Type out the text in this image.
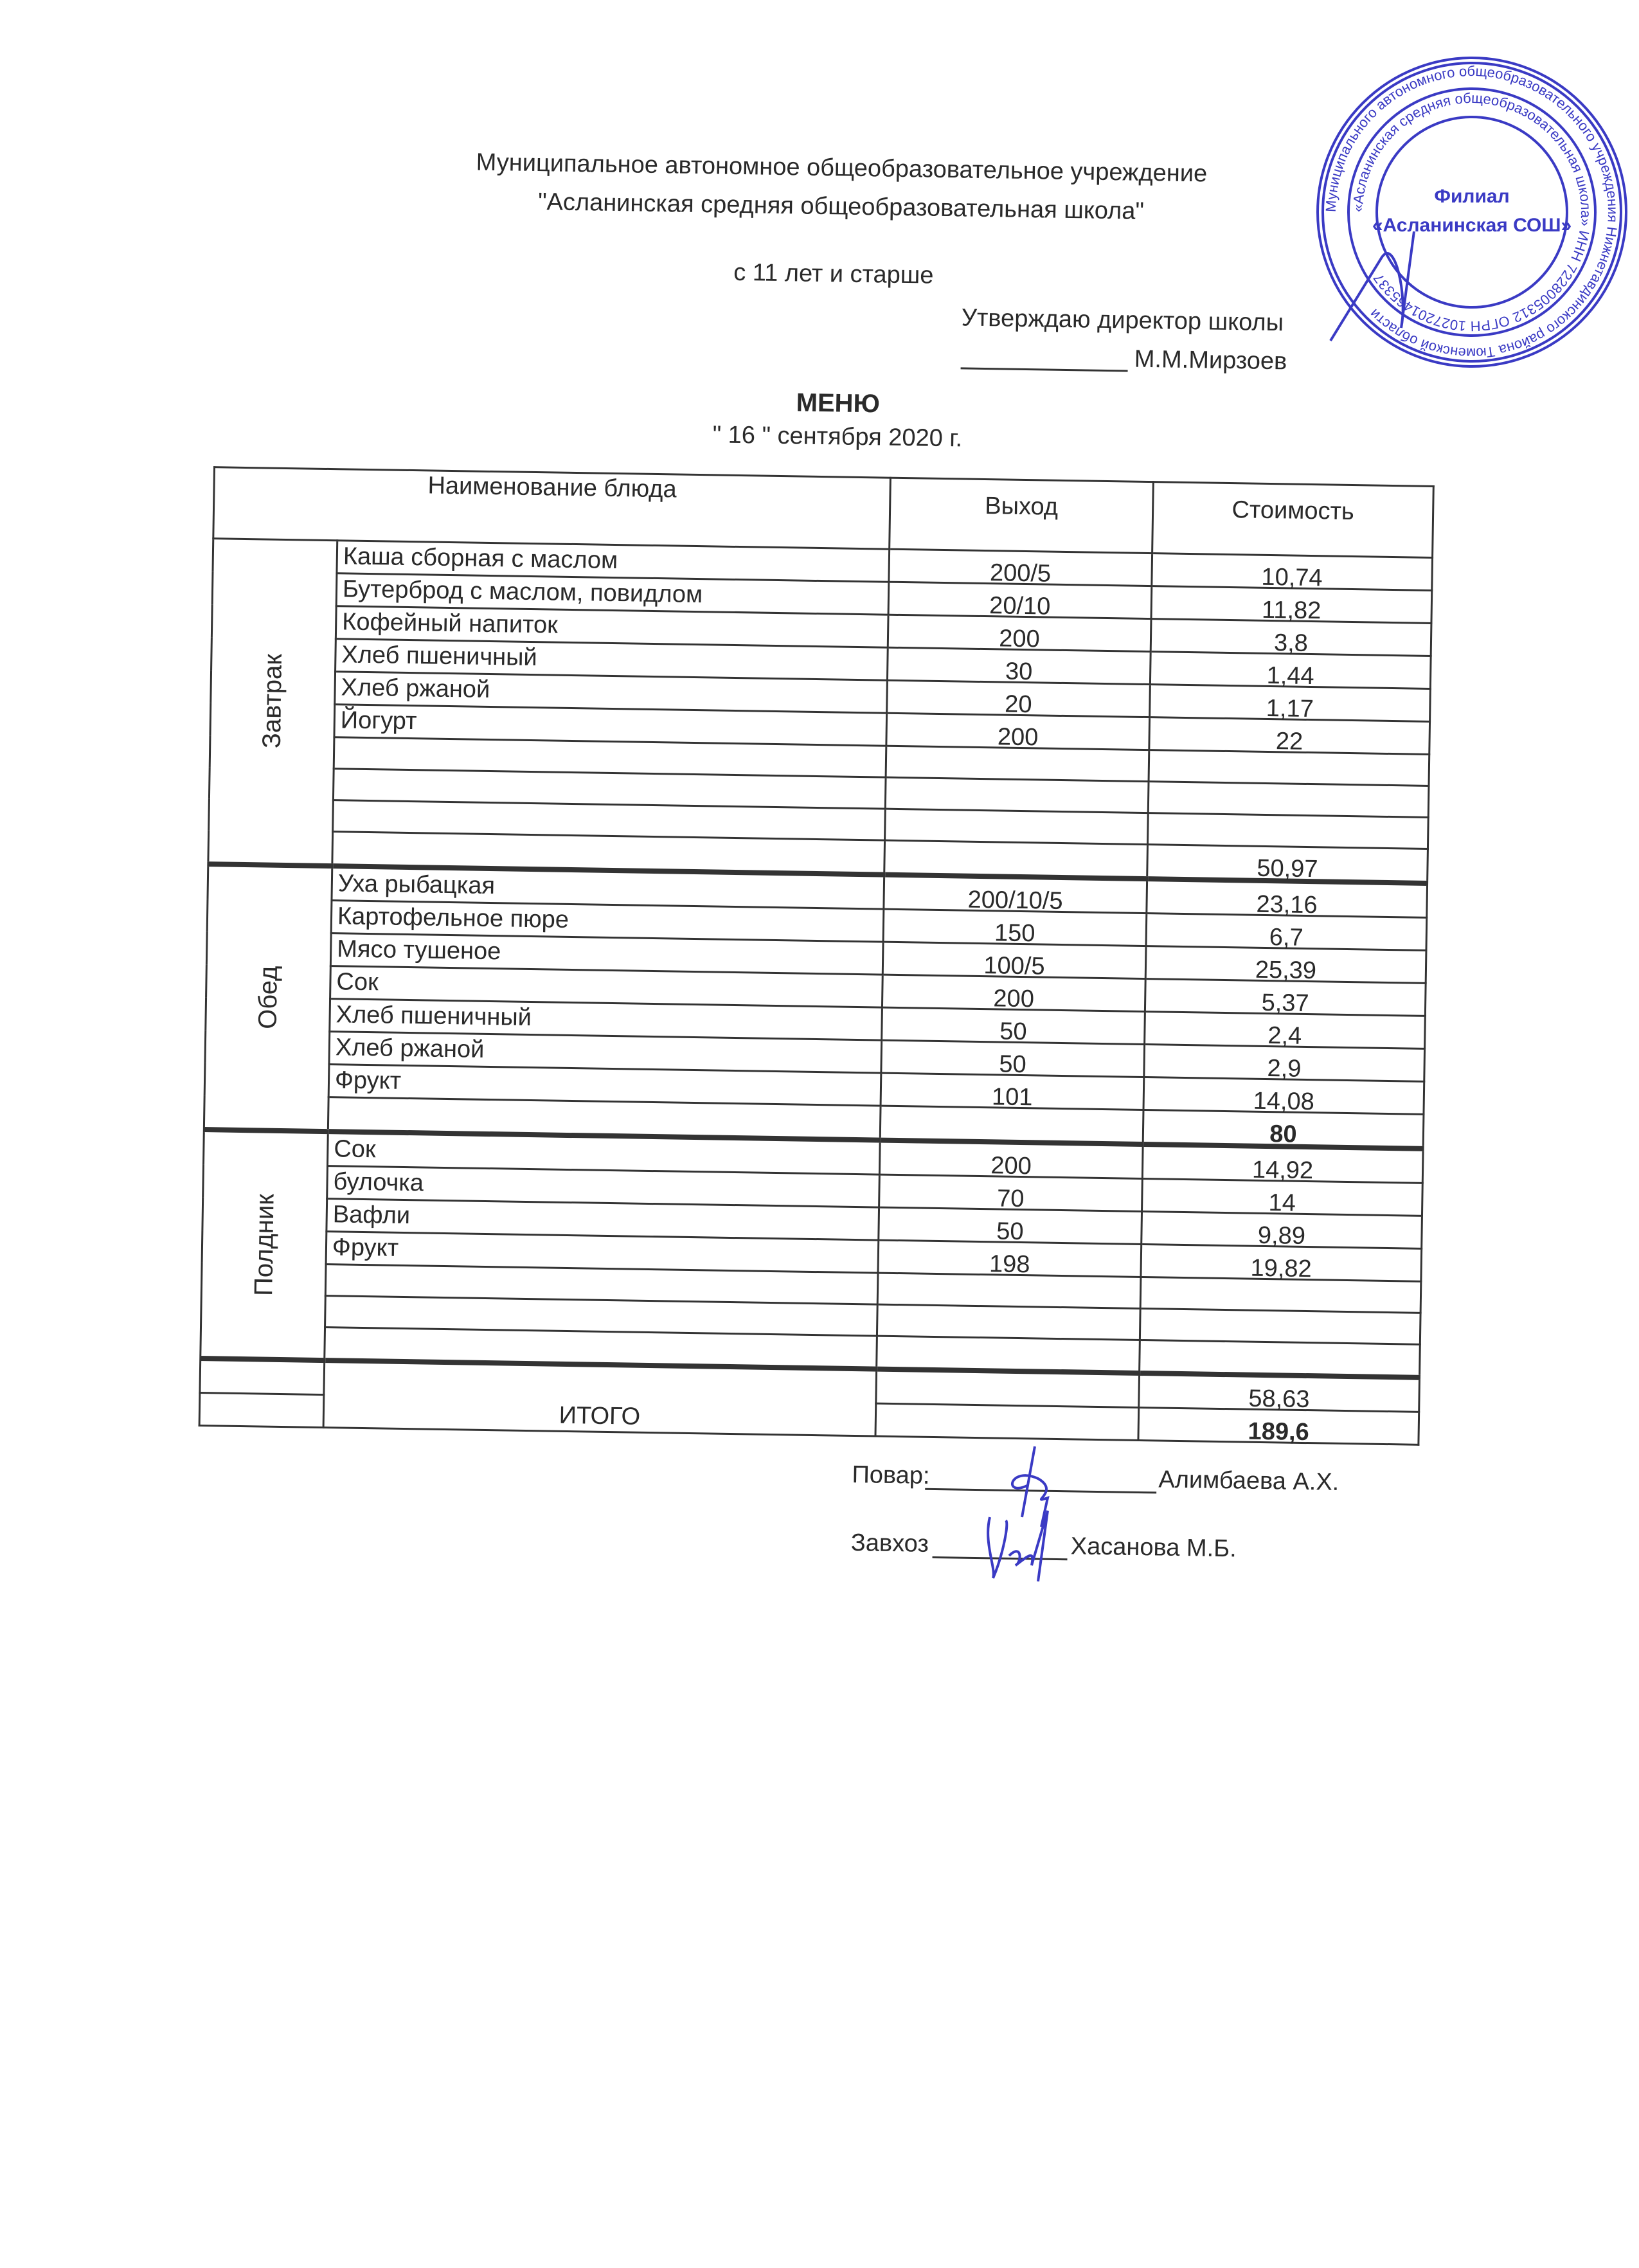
Муниципальное автономное общеобразовательное учреждение
"Асланинская средняя общеобразовательная школа"
с 11 лет и старше
Утверждаю директор школы
М.М.Мирзоев
МЕНЮ
" 16 " сентября 2020 г.
Наименование блюда		Выход	Стоимость
Завтрак	Каша сборная с маслом	200/5	10,74
	Бутерброд с маслом, повидлом	20/10	11,82
	Кофейный напиток	200	3,8
	Хлеб пшеничный	30	1,44
	Хлеб ржаной	20	1,17
	Йогурт	200	22

			50,97
Обед	Уха рыбацкая	200/10/5	23,16
	Картофельное пюре	150	6,7
	Мясо тушеное	100/5	25,39
	Сок	200	5,37
	Хлеб пшеничный	50	2,4
	Хлеб ржаной	50	2,9
	Фрукт	101	14,08
			80
Полдник	Сок	200	14,92
	булочка	70	14
	Вафли	50	9,89
	Фрукт	198	19,82

	ИТОГО		58,63
			189,6
Повар:	Алимбаева А.Х.
Завхоз	Хасанова М.Б.
Муниципального автономного общеобразовательного учреждения Нижнетавдинского района Тюменской области
«Асланинская средняя общеобразовательная школа» ИНН 7228005312 ОГРН 1027201465337
Филиал
«Асланинская СОШ»
